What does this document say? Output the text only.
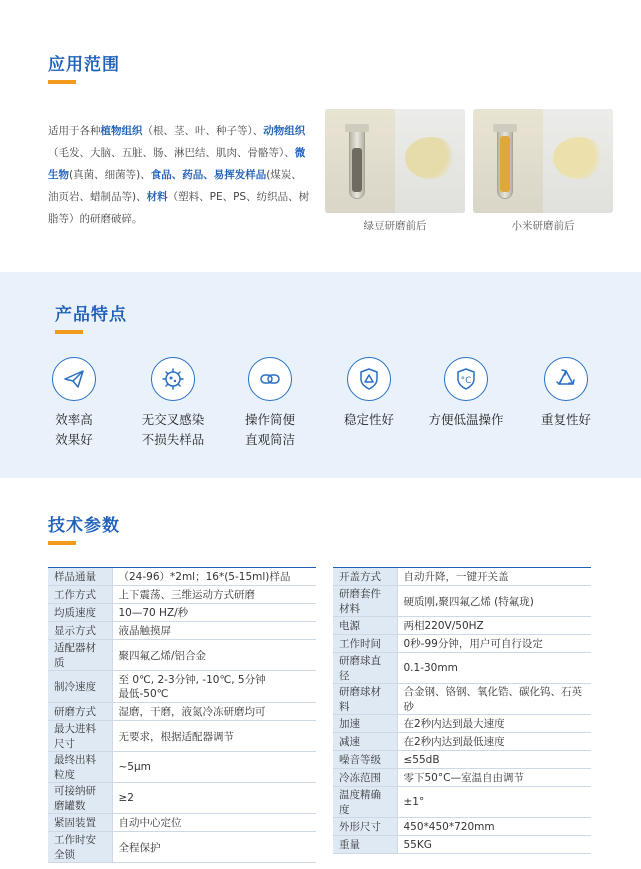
应用范围

适用于各种植物组织（根、茎、叶、种子等）、动物组织（毛发、大脑、五脏、肠、淋巴结、肌肉、骨骼等）、微生物(真菌、细菌等)、食品、药品、易挥发样品(煤炭、油页岩、蜡制品等)、材料（塑料、PE、PS、纺织品、树脂等）的研磨破碎。

绿豆研磨前后	小米研磨前后
产品特点
效率高
效果好
无交叉感染
不损失样品
操作简便
直观简洁
稳定性好
°C
方便低温操作	重复性好
技术参数
样品通量	（24-96）*2ml；16*(5-15ml)样品
工作方式	上下震荡、三维运动方式研磨
均质速度	10—70 HZ/秒
显示方式	液晶触摸屏
适配器材质	聚四氟乙烯/铝合金
制冷速度	至 0℃, 2-3分钟, -10℃, 5分钟
最低-50℃

研磨方式	湿磨，干磨，液氮冷冻研磨均可
最大进料尺寸	无要求，根据适配器调节
最终出料粒度	~5μm
可接纳研磨罐数	≥2
紧固装置	自动中心定位
工作时安全锁	全程保护
开盖方式	自动升降，一键开关盖
研磨套件材料	硬质刚,聚四氟乙烯 (特氟珑)
电源	两相220V/50HZ
工作时间	0秒-99分钟，用户可自行设定
研磨球直径	0.1-30mm
研磨球材料	合金钢、铬钢、氧化锆、碳化钨、石英砂
加速	在2秒内达到最大速度
减速	在2秒内达到最低速度
噪音等级	≤55dB
冷冻范围	零下50°C—室温自由调节
温度精确度	±1°
外形尺寸	450*450*720mm
重量	55KG
